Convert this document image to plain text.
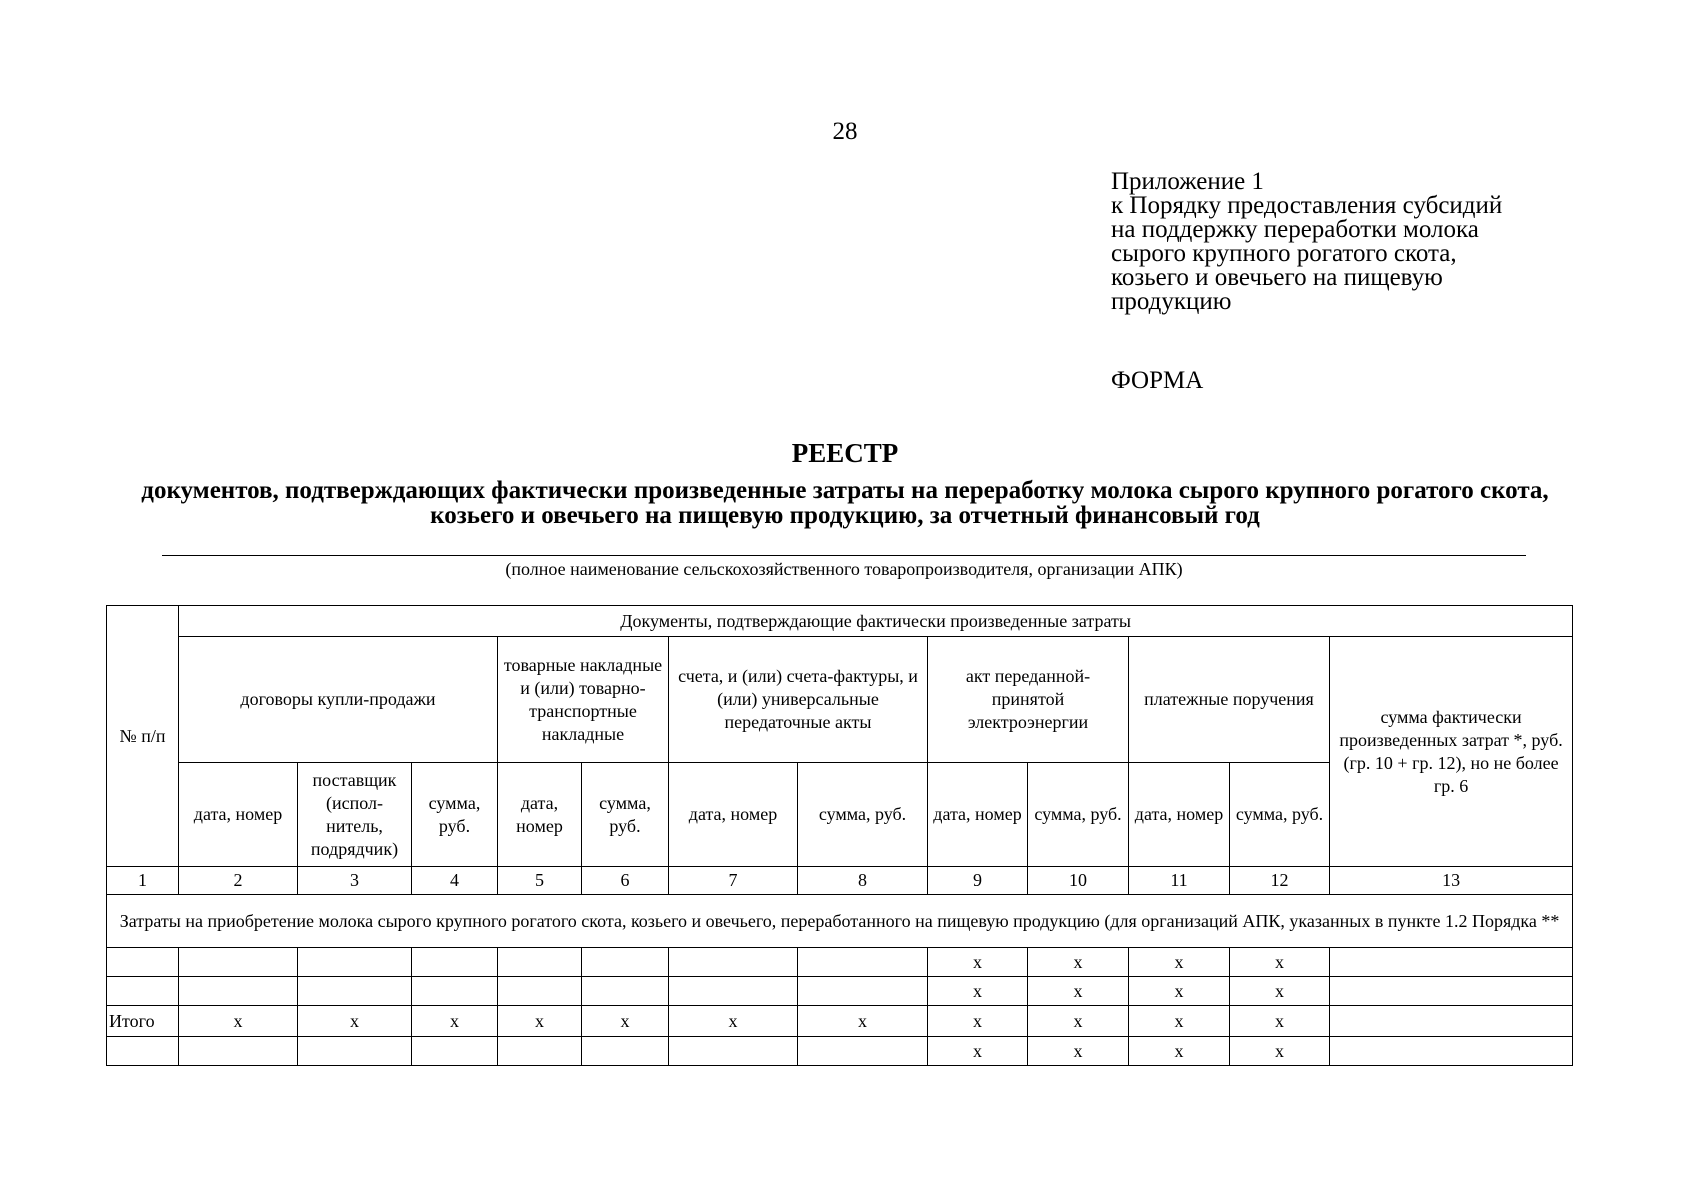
28
Приложение 1
к Порядку предоставления субсидий
на поддержку переработки молока
сырого крупного рогатого скота,
козьего и овечьего на пищевую
продукцию
ФОРМА
РЕЕСТР
документов, подтверждающих фактически произведенные затраты на переработку молока сырого крупного рогатого скота, козьего и овечьего на пищевую продукцию, за отчетный финансовый год
(полное наименование сельскохозяйственного товаропроизводителя, организации АПК)
№ п/п	Документы, подтверждающие фактически произведенные затраты											
	договоры купли-продажи			товарные накладные и (или) товарно-транспортные накладные		счета, и (или) счета-фактуры, и (или) универсальные передаточные акты		акт переданной-принятой электроэнергии		платежные поручения		сумма фактически произведенных затрат *, руб. (гр. 10 + гр. 12), но не более гр. 6
	дата, номер	поставщик (испол-нитель, подрядчик)	сумма, руб.	дата, номер	сумма, руб.	дата, номер	сумма, руб.	дата, номер	сумма, руб.	дата, номер	сумма, руб.	
1	2	3	4	5	6	7	8	9	10	11	12	13
Затраты на приобретение молока сырого крупного рогатого скота, козьего и овечьего, переработанного на пищевую продукцию (для организаций АПК, указанных в пункте 1.2 Порядка **												
								x	x	x	x	
								x	x	x	x	
Итого	x	x	x	x	x	x	x	x	x	x	x	
								x	x	x	x	
